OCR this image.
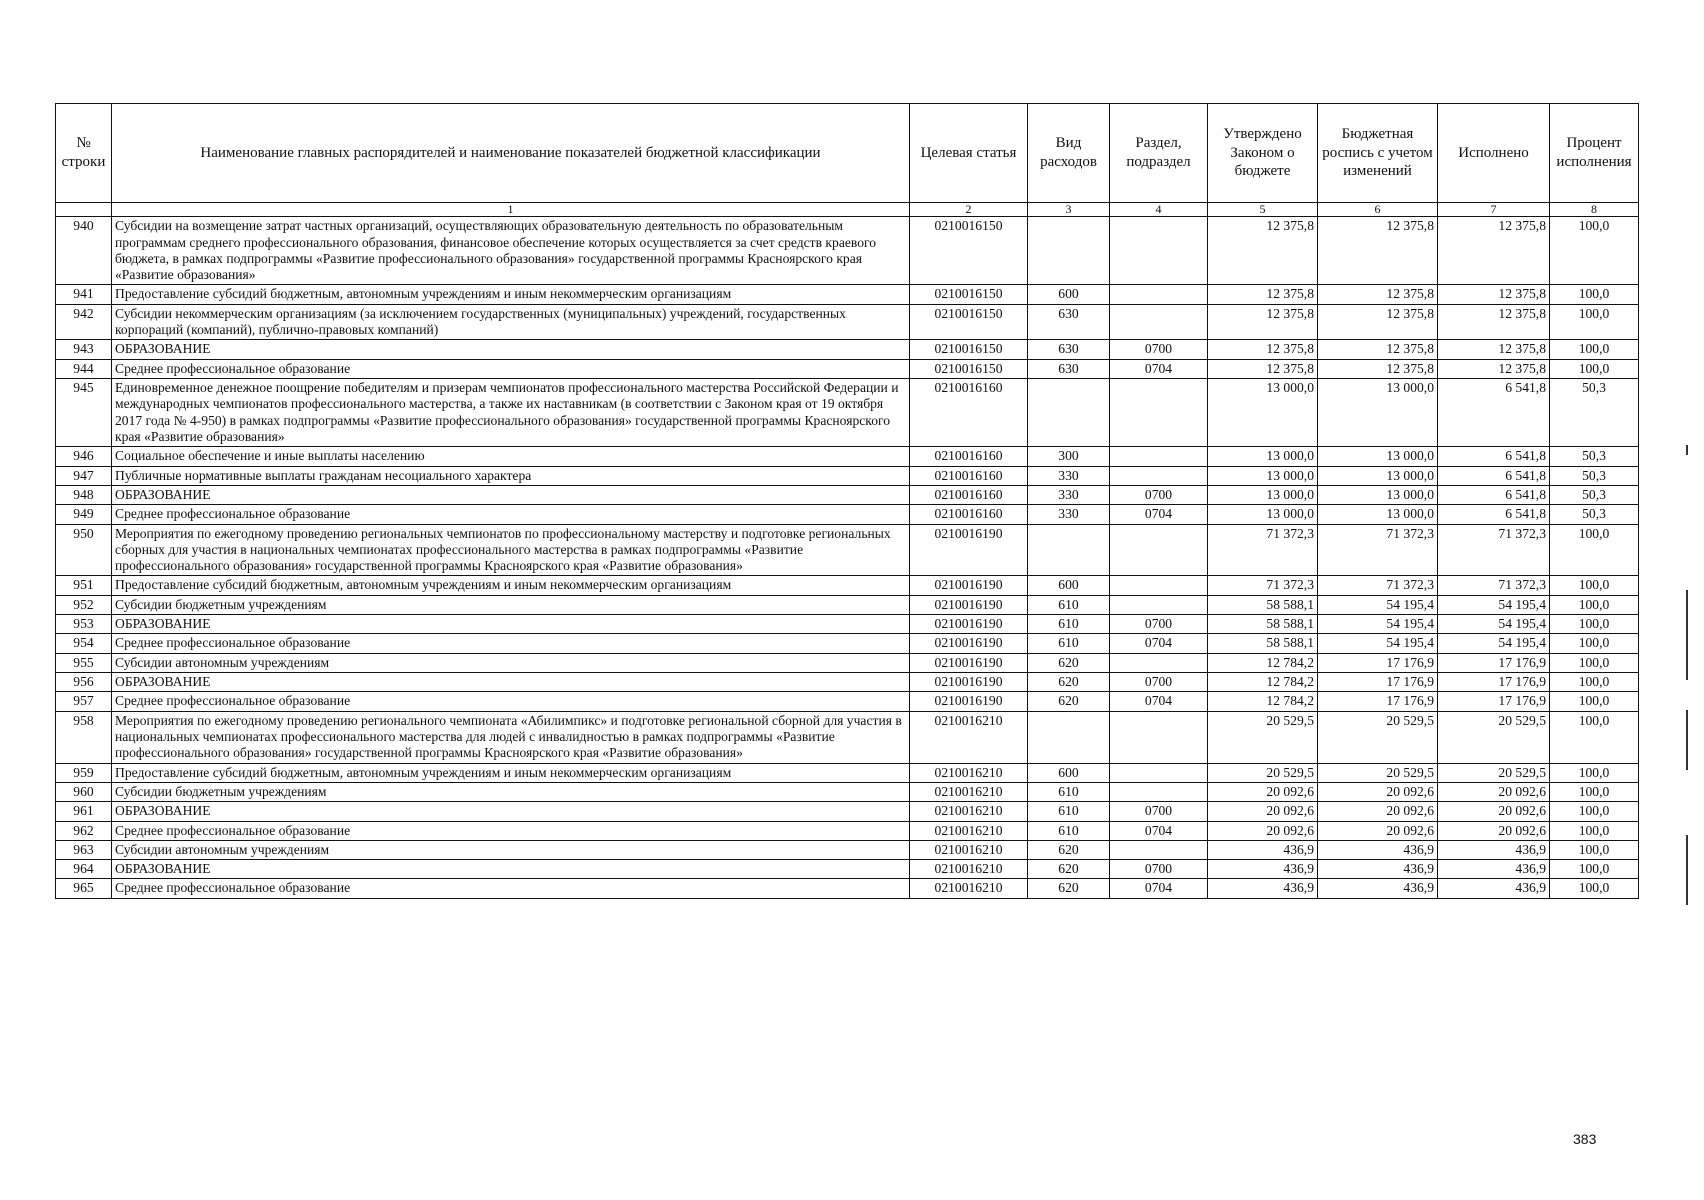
№ строки	Наименование главных распорядителей и наименование показателей бюджетной классификации	Целевая статья	Вид расходов	Раздел, подраздел	Утверждено Законом о бюджете	Бюджетная роспись с учетом изменений	Исполнено	Процент исполнения
	1	2	3	4	5	6	7	8
940	Субсидии на возмещение затрат частных организаций, осуществляющих образовательную деятельность по образовательным программам среднего профессионального образования, финансовое обеспечение которых осуществляется за счет средств краевого бюджета, в рамках подпрограммы «Развитие профессионального образования» государственной программы Красноярского края «Развитие образования»	0210016150			12 375,8	12 375,8	12 375,8	100,0
941	Предоставление субсидий бюджетным, автономным учреждениям и иным некоммерческим организациям	0210016150	600		12 375,8	12 375,8	12 375,8	100,0
942	Субсидии некоммерческим организациям (за исключением государственных (муниципальных) учреждений, государственных корпораций (компаний), публично-правовых компаний)	0210016150	630		12 375,8	12 375,8	12 375,8	100,0
943	ОБРАЗОВАНИЕ	0210016150	630	0700	12 375,8	12 375,8	12 375,8	100,0
944	Среднее профессиональное образование	0210016150	630	0704	12 375,8	12 375,8	12 375,8	100,0
945	Единовременное денежное поощрение победителям и призерам чемпионатов профессионального мастерства Российской Федерации и международных чемпионатов профессионального мастерства, а также их наставникам (в соответствии с Законом края от 19 октября 2017 года № 4-950) в рамках подпрограммы «Развитие профессионального образования» государственной программы Красноярского края «Развитие образования»	0210016160			13 000,0	13 000,0	6 541,8	50,3
946	Социальное обеспечение и иные выплаты населению	0210016160	300		13 000,0	13 000,0	6 541,8	50,3
947	Публичные нормативные выплаты гражданам несоциального характера	0210016160	330		13 000,0	13 000,0	6 541,8	50,3
948	ОБРАЗОВАНИЕ	0210016160	330	0700	13 000,0	13 000,0	6 541,8	50,3
949	Среднее профессиональное образование	0210016160	330	0704	13 000,0	13 000,0	6 541,8	50,3
950	Мероприятия по ежегодному проведению региональных чемпионатов по профессиональному мастерству и подготовке региональных сборных для участия в национальных чемпионатах профессионального мастерства в рамках подпрограммы «Развитие профессионального образования» государственной программы Красноярского края «Развитие образования»	0210016190			71 372,3	71 372,3	71 372,3	100,0
951	Предоставление субсидий бюджетным, автономным учреждениям и иным некоммерческим организациям	0210016190	600		71 372,3	71 372,3	71 372,3	100,0
952	Субсидии бюджетным учреждениям	0210016190	610		58 588,1	54 195,4	54 195,4	100,0
953	ОБРАЗОВАНИЕ	0210016190	610	0700	58 588,1	54 195,4	54 195,4	100,0
954	Среднее профессиональное образование	0210016190	610	0704	58 588,1	54 195,4	54 195,4	100,0
955	Субсидии автономным учреждениям	0210016190	620		12 784,2	17 176,9	17 176,9	100,0
956	ОБРАЗОВАНИЕ	0210016190	620	0700	12 784,2	17 176,9	17 176,9	100,0
957	Среднее профессиональное образование	0210016190	620	0704	12 784,2	17 176,9	17 176,9	100,0
958	Мероприятия по ежегодному проведению регионального чемпионата «Абилимпикс» и подготовке региональной сборной для участия в национальных чемпионатах профессионального мастерства для людей с инвалидностью в рамках подпрограммы «Развитие профессионального образования» государственной программы Красноярского края «Развитие образования»	0210016210			20 529,5	20 529,5	20 529,5	100,0
959	Предоставление субсидий бюджетным, автономным учреждениям и иным некоммерческим организациям	0210016210	600		20 529,5	20 529,5	20 529,5	100,0
960	Субсидии бюджетным учреждениям	0210016210	610		20 092,6	20 092,6	20 092,6	100,0
961	ОБРАЗОВАНИЕ	0210016210	610	0700	20 092,6	20 092,6	20 092,6	100,0
962	Среднее профессиональное образование	0210016210	610	0704	20 092,6	20 092,6	20 092,6	100,0
963	Субсидии автономным учреждениям	0210016210	620		436,9	436,9	436,9	100,0
964	ОБРАЗОВАНИЕ	0210016210	620	0700	436,9	436,9	436,9	100,0
965	Среднее профессиональное образование	0210016210	620	0704	436,9	436,9	436,9	100,0
383
